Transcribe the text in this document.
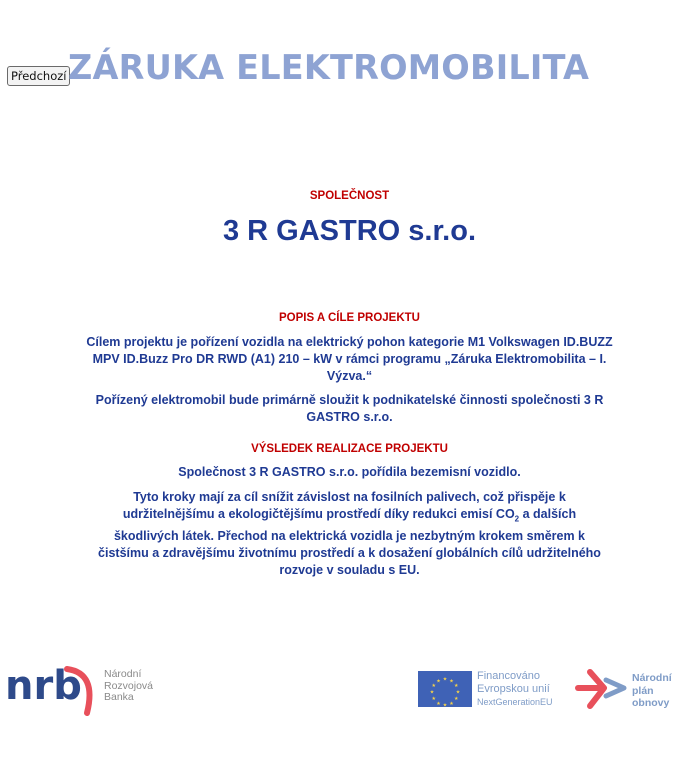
Předchozí ZÁRUKA ELEKTROMOBILITA
SPOLEČNOST
3 R GASTRO s.r.o.
POPIS A CÍLE PROJEKTU

Cílem projektu je pořízení vozidla na elektrický pohon kategorie M1 Volkswagen ID.BUZZ MPV ID.Buzz Pro DR RWD (A1) 210 – kW v rámci programu „Záruka Elektromobilita – I. Výzva.“

Pořízený elektromobil bude primárně sloužit k podnikatelské činnosti společnosti 3 R GASTRO s.r.o.

VÝSLEDEK REALIZACE PROJEKTU

Společnost 3 R GASTRO s.r.o. pořídila bezemisní vozidlo.

Tyto kroky mají za cíl snížit závislost na fosilních palivech, což přispěje k udržitelnějšímu a ekologičtějšímu prostředí díky redukci emisí $CO_2$ a dalších škodlivých látek. Přechod na elektrická vozidla je nezbytným krokem směrem k čistšímu a zdravějšímu životnímu prostředí a k dosažení globálních cílů udržitelného rozvoje v souladu s EU.

nrb Národní
Rozvojová
Banka
★ ★
★
★
★
★
★
★
★
★
★
★	Financováno
Evropskou unií
NextGenerationEU
Národní
plán
obnovy
